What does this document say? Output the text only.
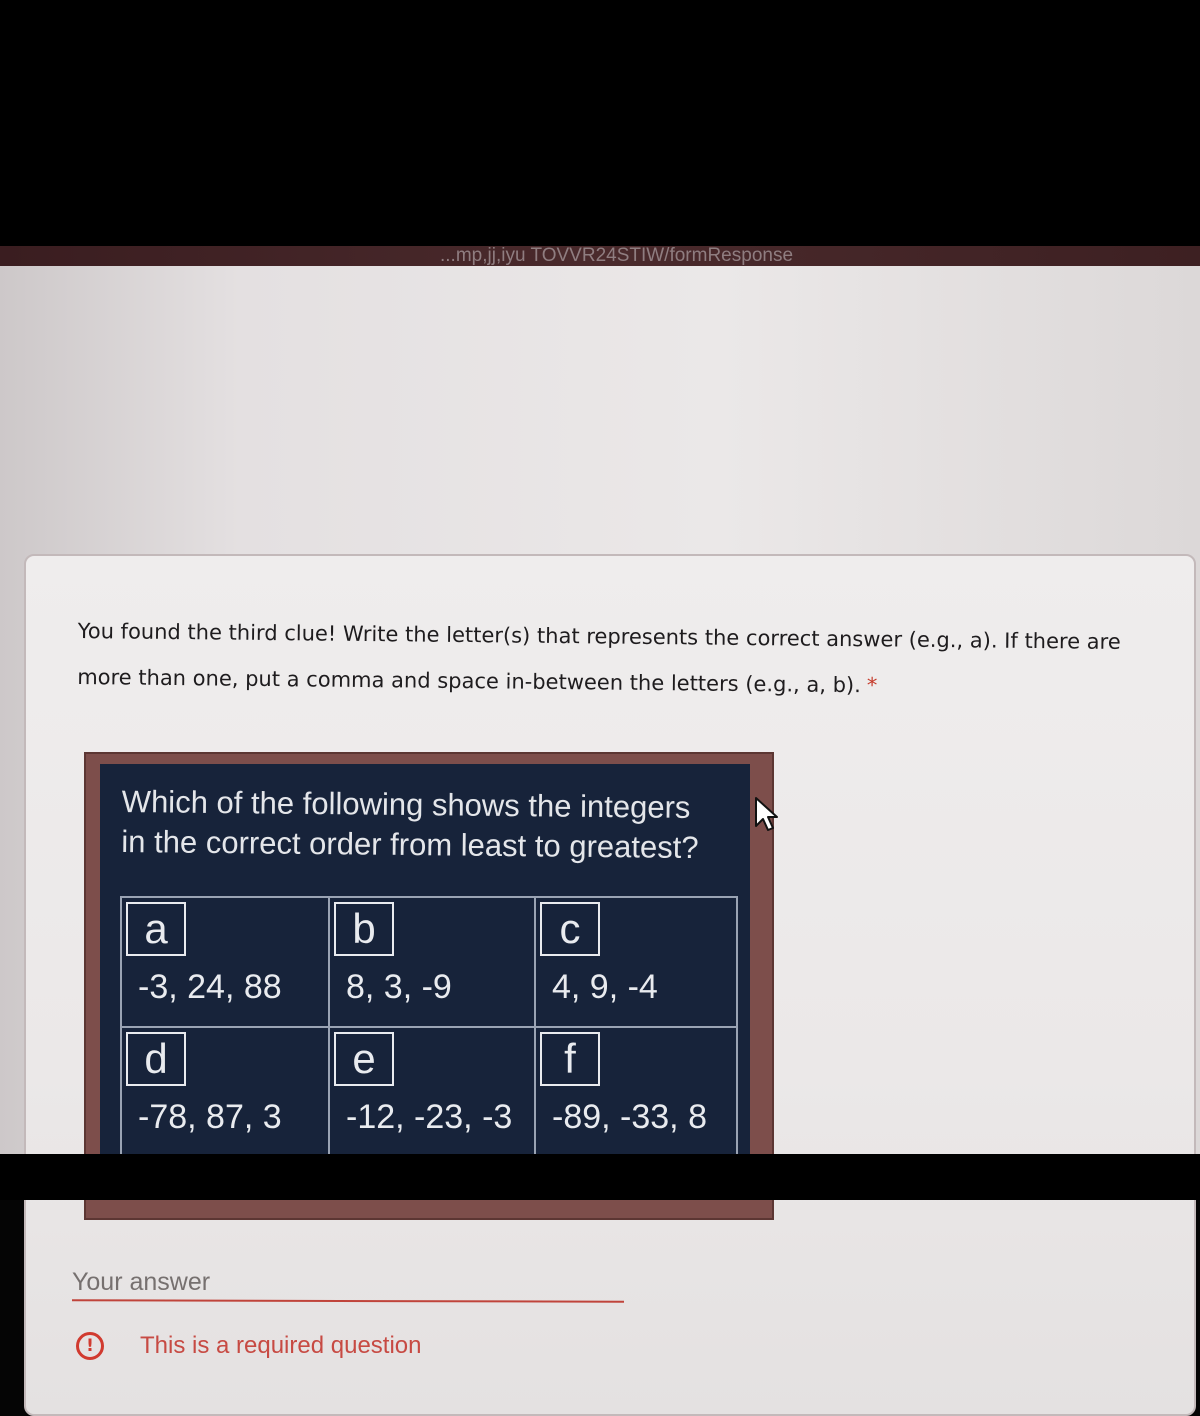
...mp,jj,iyu TOVVR24STIW/formResponse

You found the third clue! Write the letter(s) that represents the correct answer (e.g., a). If there are more than one, put a comma and space in-between the letters (e.g., a, b). *

Which of the following shows the integers
in the correct order from least to greatest?
a
-3, 24, 88
b
8, 3, -9
c
4, 9, -4
d
-78, 87, 3
e
-12, -23, -3
f
-89, -33, 8
Your answer
!	This is a required question
